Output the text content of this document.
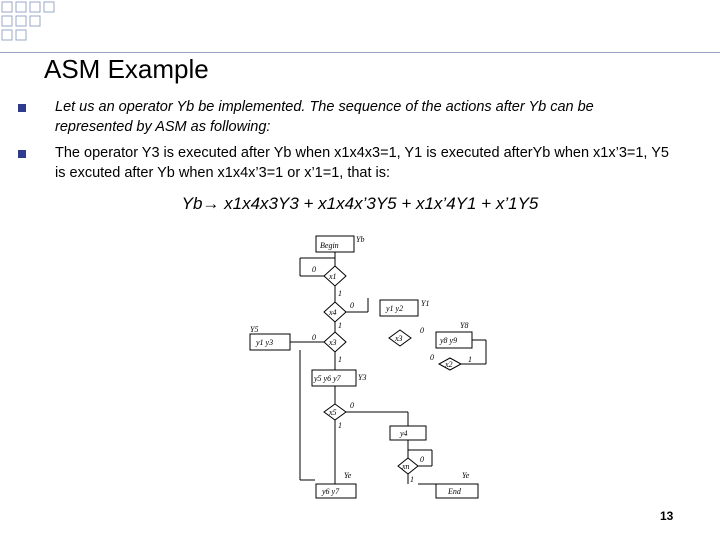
ASM Example
Let us an operator Yb be implemented. The sequence of the actions after Yb can be represented by ASM as following:
The operator Y3 is executed after Yb when x1x4x3=1, Y1 is executed afterYb when x1x’3=1, Y5 is excuted after Yb when x1x4x’3=1 or x’1=1, that is:
Yb→ x1x4x3Y3 + x1x4x’3Y5 + x1x’4Y1 + x’1Y5
Begin
Yb
x1
x4
x3	x3
x2
x5
xn
y1 y2
Y1
y8 y9
Y8
y1 y3
Y5
y5 y6 y7 Y3
y4
y6 y7
Ye
End
Ye
0
1
0
1
0
1
1
0
0
1
0
0	1
13
